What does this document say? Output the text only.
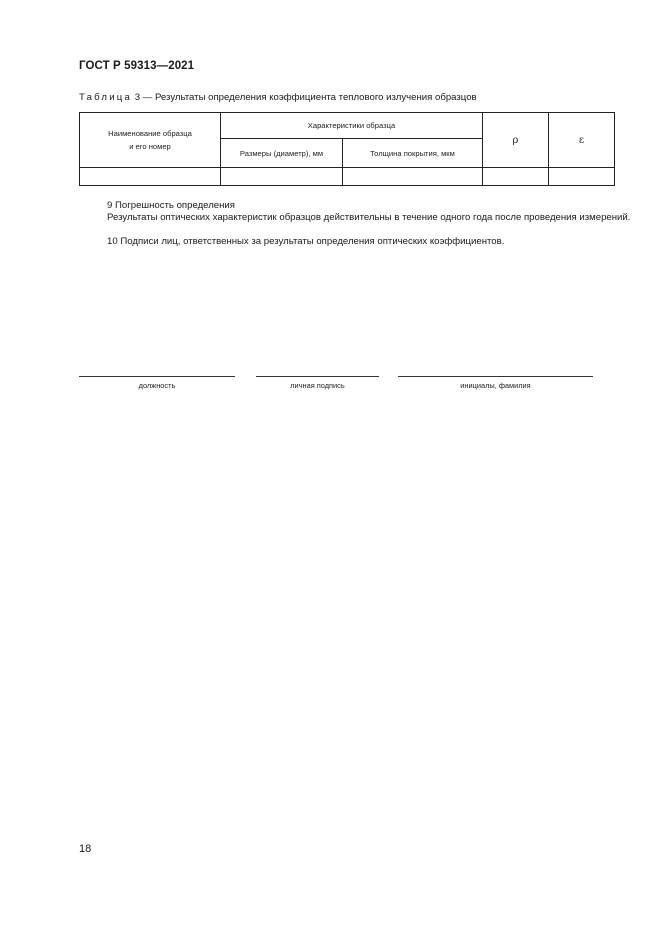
ГОСТ Р 59313—2021
Таблица 3 — Результаты определения коэффициента теплового излучения образцов
Наименование образца
и его номер	Характеристики образца		ρ	ε
	Размеры (диаметр), мм	Толщина покрытия, мкм		

9 Погрешность определения

Результаты оптических характеристик образцов действительны в течение одного года после проведения измерений.

10 Подписи лиц, ответственных за результаты определения оптических коэффициентов.

должность	личная подпись	инициалы, фамилия
18
